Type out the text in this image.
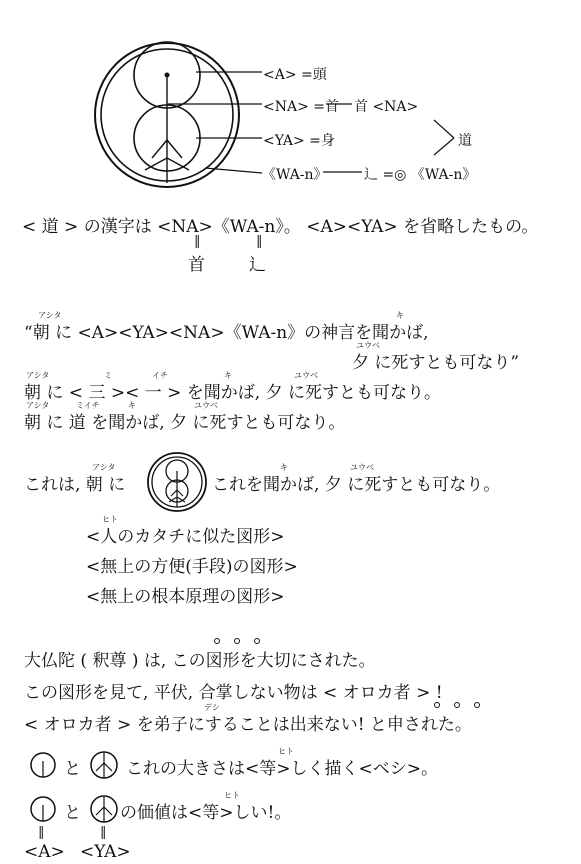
<A> =頭
<NA> =首 首 <NA>
<YA> =身	道
《WA-n》	⻌ =◎ 《WA-n》
< 道 > の漢字は <NA>《WA-n》。 <A><YA> を省略したもの。
‖	‖
首	⻌
アシタ	キ
“朝 に <A><YA><NA>《WA-n》の神言を聞かば,
ユウベ
夕 に死すとも可なり”
アシタ	ミ	イチ	キ	ユウベ
朝 に < 三 >< 一 > を聞かば, 夕 に死すとも可なり。
アシタ	ミイチ	キ	ユウベ
朝 に 道 を聞かば, 夕 に死すとも可なり。
アシタ
これは, 朝 に
キ	ユウベ
これを聞かば, 夕 に死すとも可なり。
ヒト
<人のカタチに似た図形>
<無上の方便(手段)の図形>
<無上の根本原理の図形>
大仏陀 ( 釈尊 ) は, この図形を大切にされた。
この図形を見て, 平伏, 合掌しない物は < オロカ者 > !
デシ
< オロカ者 > を弟子にすることは出来ない! と申された。
と
ヒト
これの大きさは<等>しく描く<ベシ>。
と
ヒト
の価値は<等>しい!。
‖	‖
<A> <YA>
